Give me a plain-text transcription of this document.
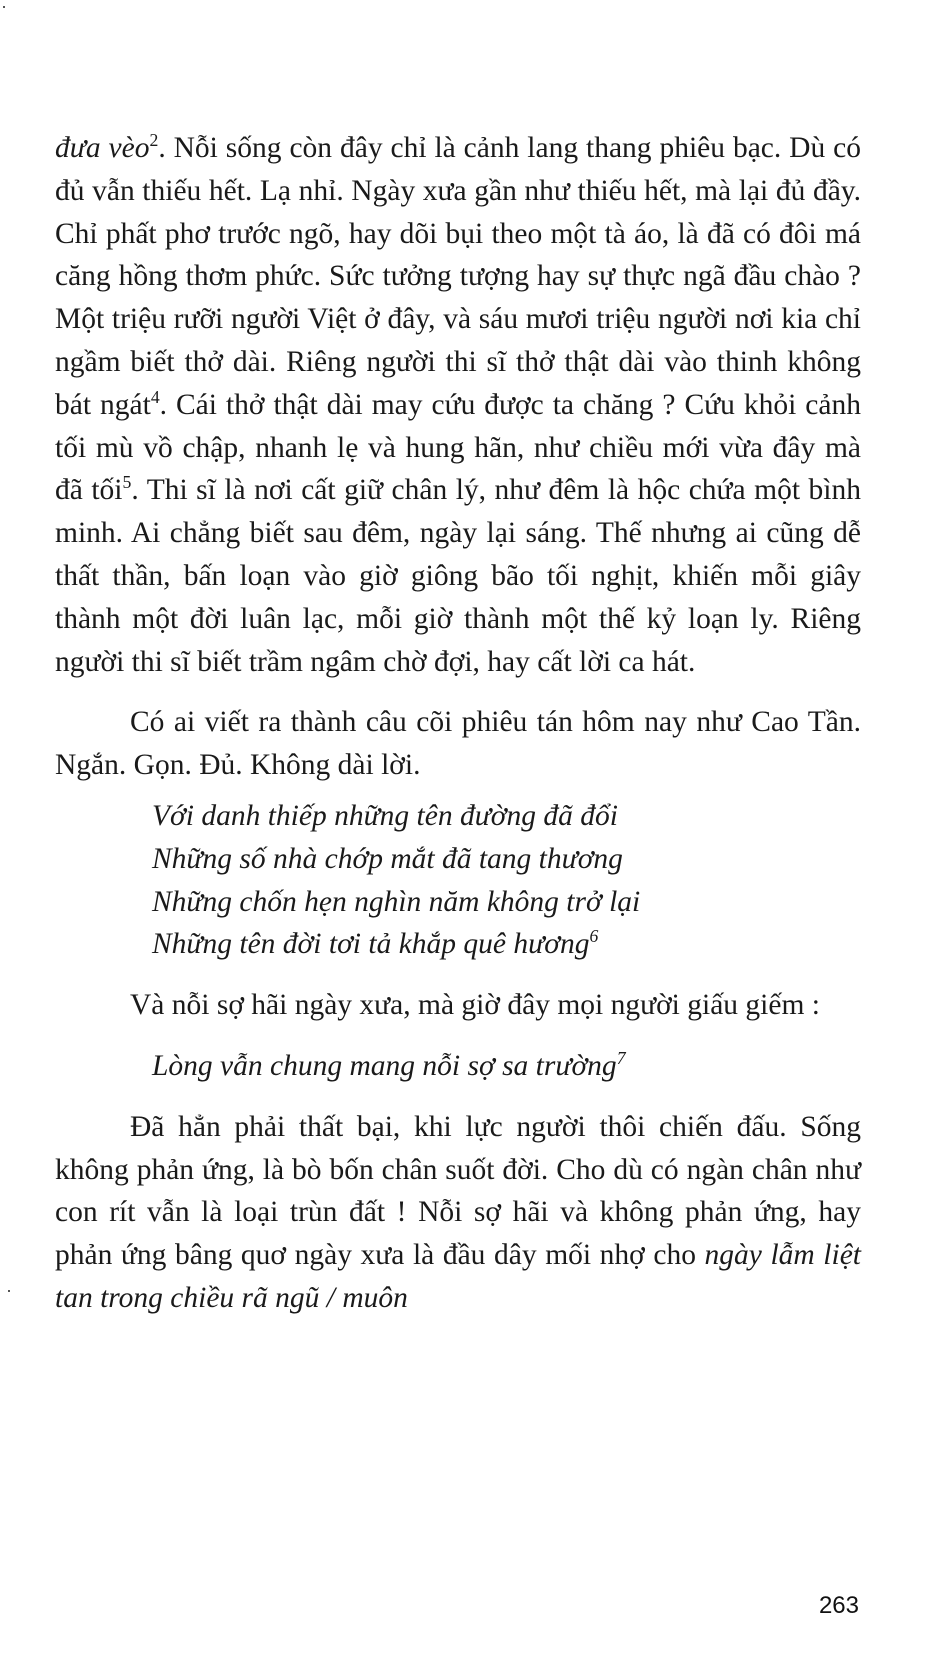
đưa vèo$^2$. Nỗi sống còn đây chỉ là cảnh lang thang phiêu bạc. Dù có đủ vẫn thiếu hết. Lạ nhỉ. Ngày xưa gần như thiếu hết, mà lại đủ đầy. Chỉ phất phơ trước ngõ, hay dõi bụi theo một tà áo, là đã có đôi má căng hồng thơm phức. Sức tưởng tượng hay sự thực ngã đầu chào ? Một triệu rưỡi người Việt ở đây, và sáu mươi triệu người nơi kia chỉ ngầm biết thở dài. Riêng người thi sĩ thở thật dài vào thinh không bát ngát$^4$. Cái thở thật dài may cứu được ta chăng ? Cứu khỏi cảnh tối mù vồ chập, nhanh lẹ và hung hãn, như chiều mới vừa đây mà đã tối$^5$. Thi sĩ là nơi cất giữ chân lý, như đêm là hộc chứa một bình minh. Ai chẳng biết sau đêm, ngày lại sáng. Thế nhưng ai cũng dễ thất thần, bấn loạn vào giờ giông bão tối nghịt, khiến mỗi giây thành một đời luân lạc, mỗi giờ thành một thế kỷ loạn ly. Riêng người thi sĩ biết trầm ngâm chờ đợi, hay cất lời ca hát.

Có ai viết ra thành câu cõi phiêu tán hôm nay như Cao Tần. Ngắn. Gọn. Đủ. Không dài lời.

Với danh thiếp những tên đường đã đổi
Những số nhà chớp mắt đã tang thương
Những chốn hẹn nghìn năm không trở lại
Những tên đời tơi tả khắp quê hương$^6$

Và nỗi sợ hãi ngày xưa, mà giờ đây mọi người giấu giếm :

Lòng vẫn chung mang nỗi sợ sa trường$^7$

Đã hẳn phải thất bại, khi lực người thôi chiến đấu. Sống không phản ứng, là bò bốn chân suốt đời. Cho dù có ngàn chân như con rít vẫn là loại trùn đất ! Nỗi sợ hãi và không phản ứng, hay phản ứng bâng quơ ngày xưa là đầu dây mối nhợ cho ngày lẫm liệt tan trong chiều rã ngũ / muôn

263
